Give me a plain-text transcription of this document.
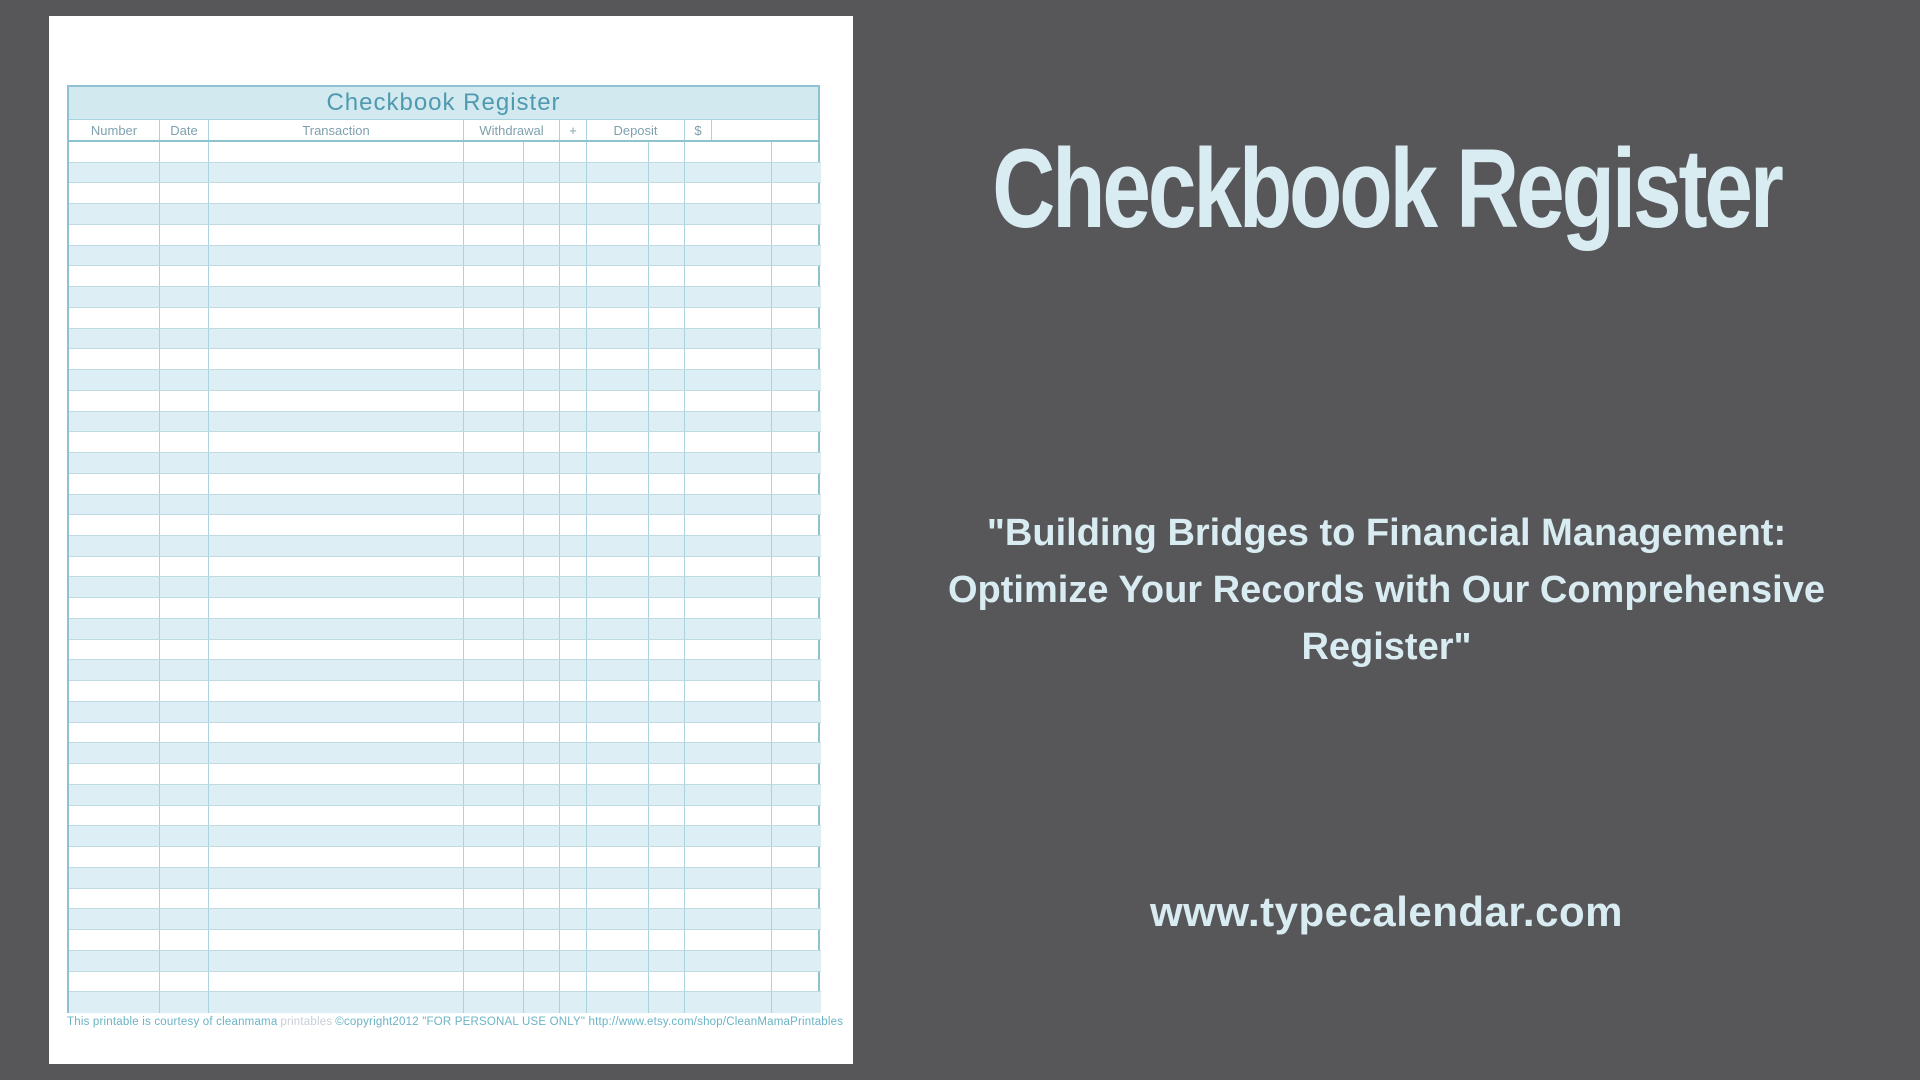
Checkbook Register
Number	Date	Transaction	Withdrawal	+	Deposit	$
This printable is courtesy of cleanmama printables ©copyright2012 "FOR PERSONAL USE ONLY" http://www.etsy.com/shop/CleanMamaPrintables
Checkbook Register
"Building Bridges to Financial Management:
Optimize Your Records with Our Comprehensive
Register"
www.typecalendar.com
